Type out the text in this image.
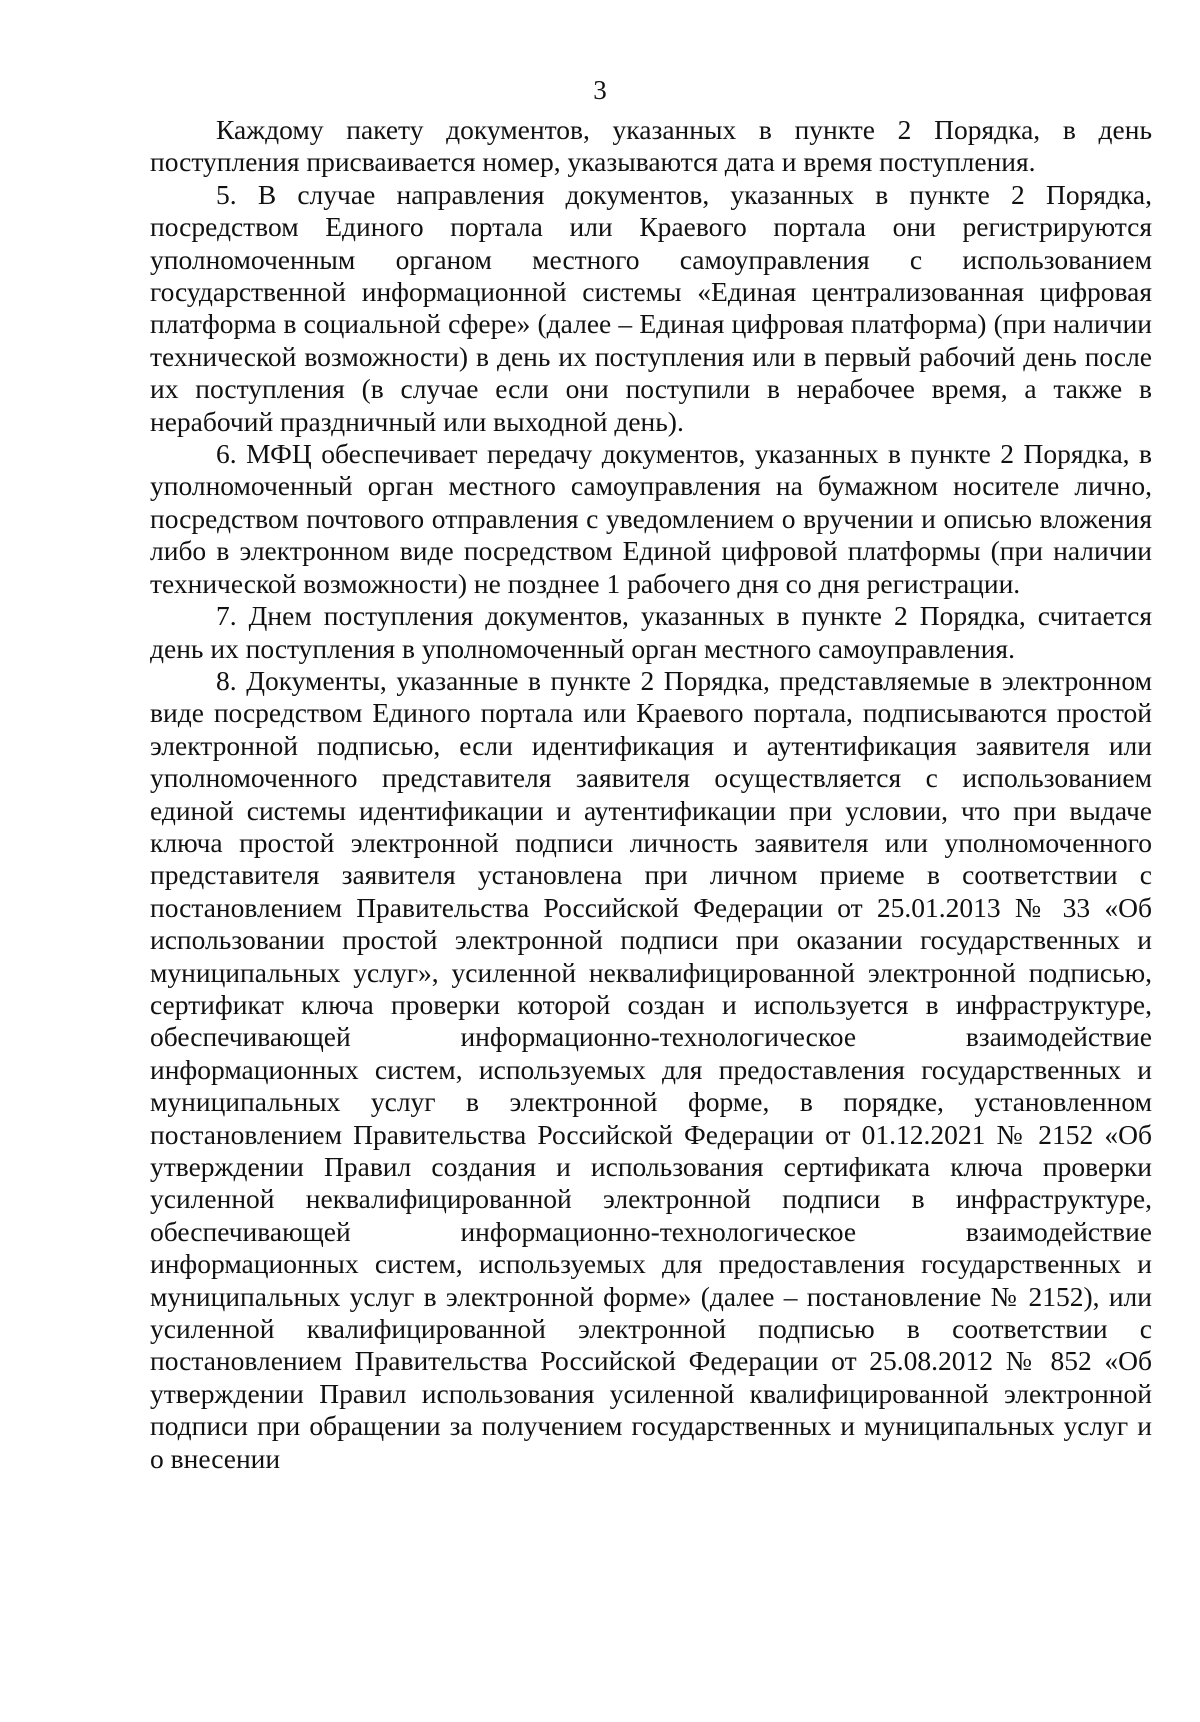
3

Каждому пакету документов, указанных в пункте 2 Порядка, в день поступления присваивается номер, указываются дата и время поступления.

5. В случае направления документов, указанных в пункте 2 Порядка, посредством Единого портала или Краевого портала они регистрируются уполномоченным органом местного самоуправления с использованием государственной информационной системы «Единая централизованная цифровая платформа в социальной сфере» (далее – Единая цифровая платформа) (при наличии технической возможности) в день их поступления или в первый рабочий день после их поступления (в случае если они поступили в нерабочее время, а также в нерабочий праздничный или выходной день).

6. МФЦ обеспечивает передачу документов, указанных в пункте 2 Порядка, в уполномоченный орган местного самоуправления на бумажном носителе лично, посредством почтового отправления с уведомлением о вручении и описью вложения либо в электронном виде посредством Единой цифровой платформы (при наличии технической возможности) не позднее 1 рабочего дня со дня регистрации.

7. Днем поступления документов, указанных в пункте 2 Порядка, считается день их поступления в уполномоченный орган местного самоуправления.

8. Документы, указанные в пункте 2 Порядка, представляемые в электронном виде посредством Единого портала или Краевого портала, подписываются простой электронной подписью, если идентификация и аутентификация заявителя или уполномоченного представителя заявителя осуществляется с использованием единой системы идентификации и аутентификации при условии, что при выдаче ключа простой электронной подписи личность заявителя или уполномоченного представителя заявителя установлена при личном приеме в соответствии с постановлением Правительства Российской Федерации от 25.01.2013 № 33 «Об использовании простой электронной подписи при оказании государственных и муниципальных услуг», усиленной неквалифицированной электронной подписью, сертификат ключа проверки которой создан и используется в инфраструктуре, обеспечивающей информационно-технологическое взаимодействие информационных систем, используемых для предоставления государственных и муниципальных услуг в электронной форме, в порядке, установленном постановлением Правительства Российской Федерации от 01.12.2021 № 2152 «Об утверждении Правил создания и использования сертификата ключа проверки усиленной неквалифицированной электронной подписи в инфраструктуре, обеспечивающей информационно-технологическое взаимодействие информационных систем, используемых для предоставления государственных и муниципальных услуг в электронной форме» (далее – постановление № 2152), или усиленной квалифицированной электронной подписью в соответствии с постановлением Правительства Российской Федерации от 25.08.2012 № 852 «Об утверждении Правил использования усиленной квалифицированной электронной подписи при обращении за получением государственных и муниципальных услуг и о внесении
